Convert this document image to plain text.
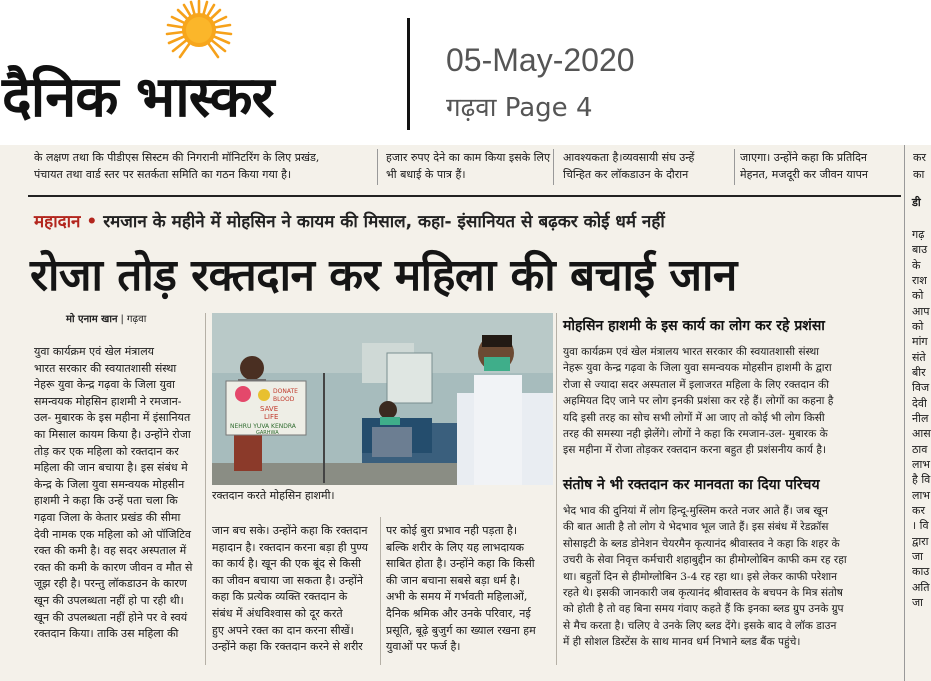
दैनिक भास्कर
05-May-2020
गढ़वा Page 4
के लक्षण तथा कि पीडीएस सिस्टम की निगरानी मॉनिटरिंग के लिए प्रखंड,
पंचायत तथा वार्ड स्तर पर सतर्कता समिति का गठन किया गया है।
हजार रुपए देने का काम किया इसके लिए
भी बधाई के पात्र हैं।
आवश्यकता है।व्यवसायी संघ उन्हें
चिन्हित कर लॉकडाउन के दौरान
जाएगा। उन्होंने कहा कि प्रतिदिन
मेहनत, मजदूरी कर जीवन यापन
कर
का
महादान • रमजान के महीने में मोहसिन ने कायम की मिसाल, कहा- इंसानियत से बढ़कर कोई धर्म नहीं
रोजा तोड़ रक्तदान कर महिला की बचाई जान
मो एनाम खान | गढ़वा
युवा कार्यक्रम एवं खेल मंत्रालय
भारत सरकार की स्वयातशासी संस्था
नेहरू युवा केन्द्र गढ़वा के जिला युवा
समन्वयक मोहसिन हाशमी ने रमजान-
उल- मुबारक के इस महीना में इंसानियत
का मिसाल कायम किया है। उन्होंने रोजा
तोड़ कर एक महिला को रक्तदान कर
महिला की जान बचाया है। इस संबंध मे
केन्द्र के जिला युवा समन्वयक मोहसीन
हाशमी ने कहा कि उन्हें पता चला कि
गढ़वा जिला के केतार प्रखंड की सीमा
देवी नामक एक महिला को ओ पॉजिटिव
रक्त की कमी है। वह सदर अस्पताल में
रक्त की कमी के कारण जीवन व मौत से
जूझ रही है। परन्तु लॉकडाउन के कारण
खून की उपलब्धता नहीं हो पा रही थी।
खून की उपलब्धता नहीं होने पर वे स्वयं
रक्तदान किया। ताकि उस महिला की
DONATE
BLOOD
SAVE
LIFE
NEHRU YUVA KENDRA
GARHWA
रक्तदान करते मोहसिन हाशमी।
जान बच सके। उन्होंने कहा कि रक्तदान
महादान है। रक्तदान करना बड़ा ही पुण्य
का कार्य है। खून की एक बूंद से किसी
का जीवन बचाया जा सकता है। उन्होंने
कहा कि प्रत्येक व्यक्ति रक्तदान के
संबंध में अंधविश्वास को दूर करते
हुए अपने रक्त का दान करना सीखें।
उन्होंने कहा कि रक्तदान करने से शरीर
पर कोई बुरा प्रभाव नही पड़ता है।
बल्कि शरीर के लिए यह लाभदायक
साबित होता है। उन्होंने कहा कि किसी
की जान बचाना सबसे बड़ा धर्म है।
अभी के समय में गर्भवती महिलाओं,
दैनिक श्रमिक और उनके परिवार, नई
प्रसूति, बूढ़े बुजुर्ग का ख्याल रखना हम
युवाओं पर फर्ज है।
मोहसिन हाशमी के इस कार्य का लोग कर रहे प्रशंसा
युवा कार्यक्रम एवं खेल मंत्रालय भारत सरकार की स्वयातशासी संस्था
नेहरू युवा केन्द्र गढ़वा के जिला युवा समन्वयक मोहसीन हाशमी के द्वारा
रोजा से ज्यादा सदर अस्पताल में इलाजरत महिला के लिए रक्तदान की
अहमियत दिए जाने पर लोग इनकी प्रशंसा कर रहे हैं। लोगों का कहना है
यदि इसी तरह का सोच सभी लोगों में आ जाए तो कोई भी लोग किसी
तरह की समस्या नही झेलेंगे। लोगों ने कहा कि रमजान-उल- मुबारक के
इस महीना में रोजा तोड़कर रक्तदान करना बहुत ही प्रशंसनीय कार्य है।
संतोष ने भी रक्तदान कर मानवता का दिया परिचय
भेद भाव की दुनियां में लोग हिन्दू-मुस्लिम करते नजर आते हैं। जब खून
की बात आती है तो लोग ये भेदभाव भूल जाते हैं। इस संबंध में रेडक्रॉस
सोसाइटी के ब्लड डोनेशन चेयरमैन कृत्यानंद श्रीवास्तव ने कहा कि शहर के
उचरी के सेवा निवृत्त कर्मचारी शहाबुद्दीन का हीमोग्लोबिन काफी कम रह रहा
था। बहुतों दिन से हीमोग्लोबिन 3-4 रह रहा था। इसे लेकर काफी परेशान
रहते थे। इसकी जानकारी जब कृत्यानंद श्रीवास्तव के बचपन के मित्र संतोष
को होती है तो वह बिना समय गंवाए कहते हैं कि इनका ब्लड ग्रुप उनके ग्रुप
से मैच करता है। चलिए वे उनके लिए ब्लड देंगे। इसके बाद वे लॉक डाउन
में ही सोशल डिस्टेंस के साथ मानव धर्म निभाने ब्लड बैंक पहुंचे।
डी
गढ़
बाउ
के
राश
को
आप
को
मांग
संते
बीर
विज
देवी
नील
आस
ठाव
लाभ
है वि
लाभ
कर
। वि
द्वारा
जा
काउ
अति
जा
